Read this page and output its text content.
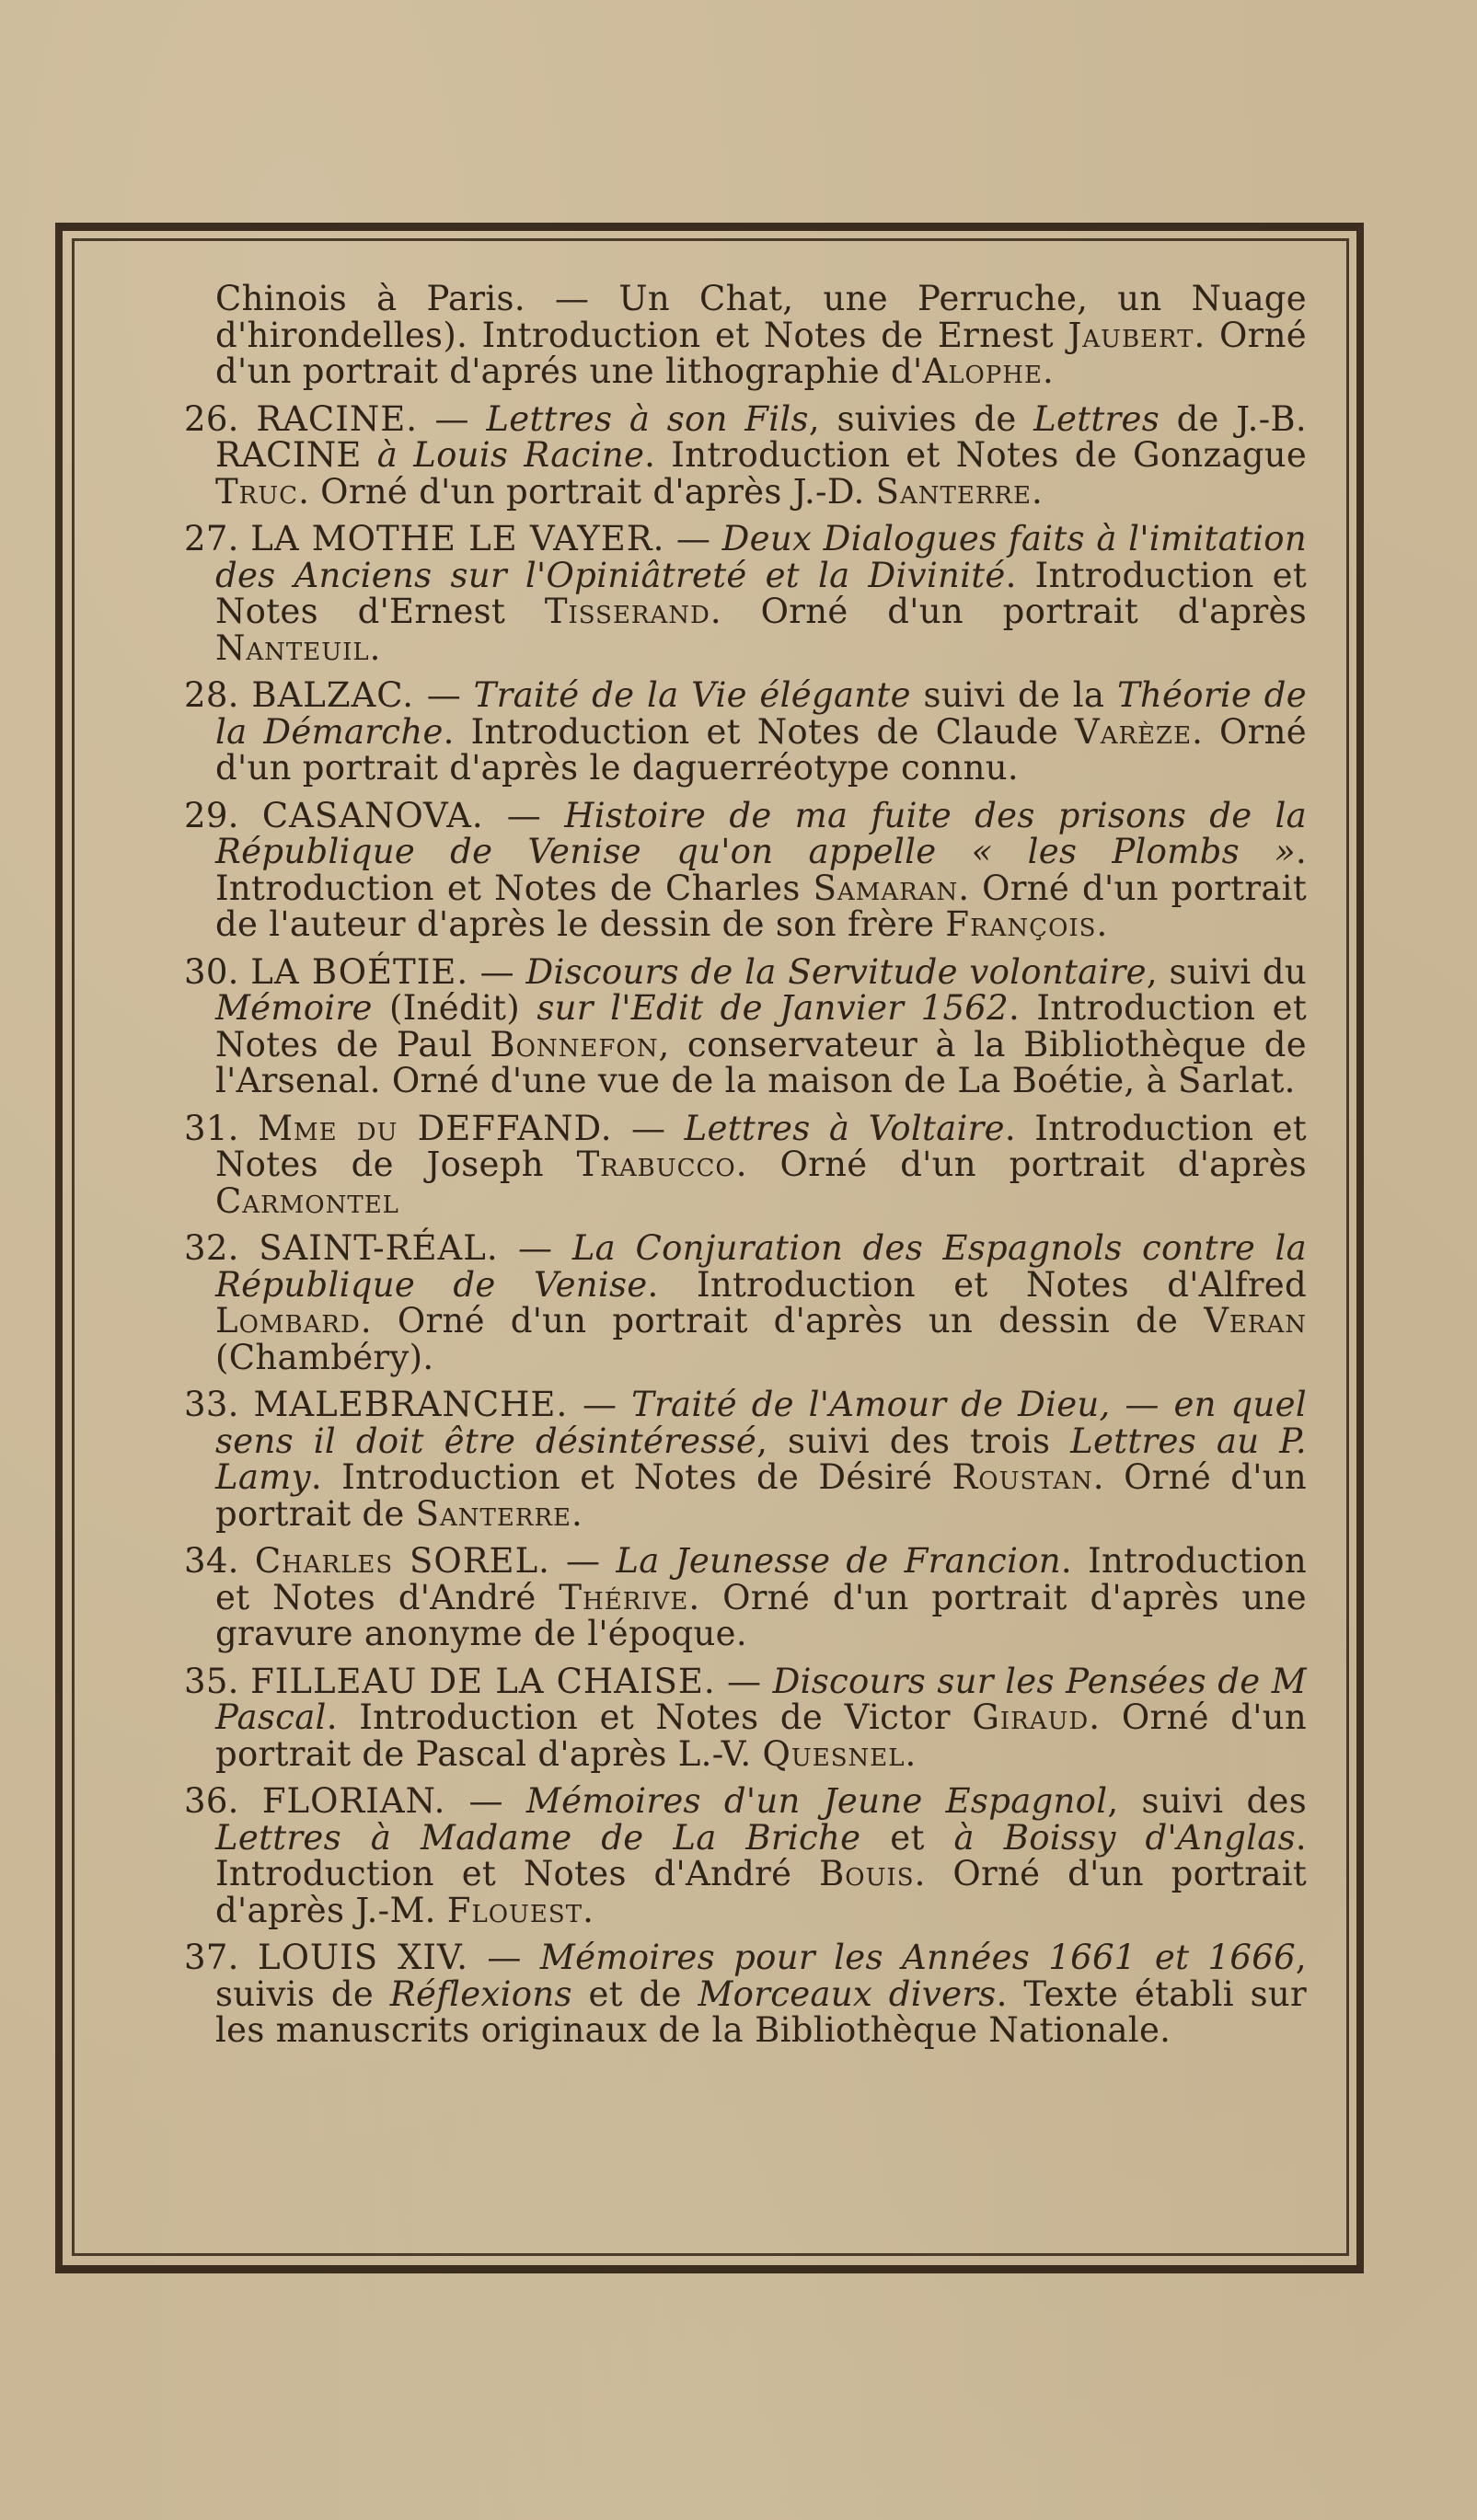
Chinois à Paris. — Un Chat, une Perruche, un Nuage d'hirondelles). Introduction et Notes de Ernest Jaubert. Orné d'un portrait d'aprés une lithographie d'Alophe.

26. RACINE. — Lettres à son Fils, suivies de Lettres de J.-B. RACINE à Louis Racine. Introduction et Notes de Gonzague Truc. Orné d'un portrait d'après J.-D. Santerre.

27. LA MOTHE LE VAYER. — Deux Dialogues faits à l'imitation des Anciens sur l'Opiniâtreté et la Divinité. Introduction et Notes d'Ernest Tisserand. Orné d'un portrait d'après Nanteuil.

28. BALZAC. — Traité de la Vie élégante suivi de la Théorie de la Démarche. Introduction et Notes de Claude Varèze. Orné d'un portrait d'après le daguerréotype connu.

29. CASANOVA. — Histoire de ma fuite des prisons de la République de Venise qu'on appelle « les Plombs ». Introduction et Notes de Charles Samaran. Orné d'un portrait de l'auteur d'après le dessin de son frère François.

30. LA BOÉTIE. — Discours de la Servitude volontaire, suivi du Mémoire (Inédit) sur l'Edit de Janvier 1562. Introduction et Notes de Paul Bonnefon, conservateur à la Bibliothèque de l'Arsenal. Orné d'une vue de la maison de La Boétie, à Sarlat.

31. Mme du DEFFAND. — Lettres à Voltaire. Introduction et Notes de Joseph Trabucco. Orné d'un portrait d'après Carmontel

32. SAINT-RÉAL. — La Conjuration des Espagnols contre la République de Venise. Introduction et Notes d'Alfred Lombard. Orné d'un portrait d'après un dessin de Veran (Chambéry).

33. MALEBRANCHE. — Traité de l'Amour de Dieu, — en quel sens il doit être désintéressé, suivi des trois Lettres au P. Lamy. Introduction et Notes de Désiré Roustan. Orné d'un portrait de Santerre.

34. Charles SOREL. — La Jeunesse de Francion. Introduction et Notes d'André Thérive. Orné d'un portrait d'après une gravure anonyme de l'époque.

35. FILLEAU DE LA CHAISE. — Discours sur les Pensées de M Pascal. Introduction et Notes de Victor Giraud. Orné d'un portrait de Pascal d'après L.-V. Quesnel.

36. FLORIAN. — Mémoires d'un Jeune Espagnol, suivi des Lettres à Madame de La Briche et à Boissy d'Anglas. Introduction et Notes d'André Bouis. Orné d'un portrait d'après J.-M. Flouest.

37. LOUIS XIV. — Mémoires pour les Années 1661 et 1666, suivis de Réflexions et de Morceaux divers. Texte établi sur les manuscrits originaux de la Bibliothèque Nationale.
